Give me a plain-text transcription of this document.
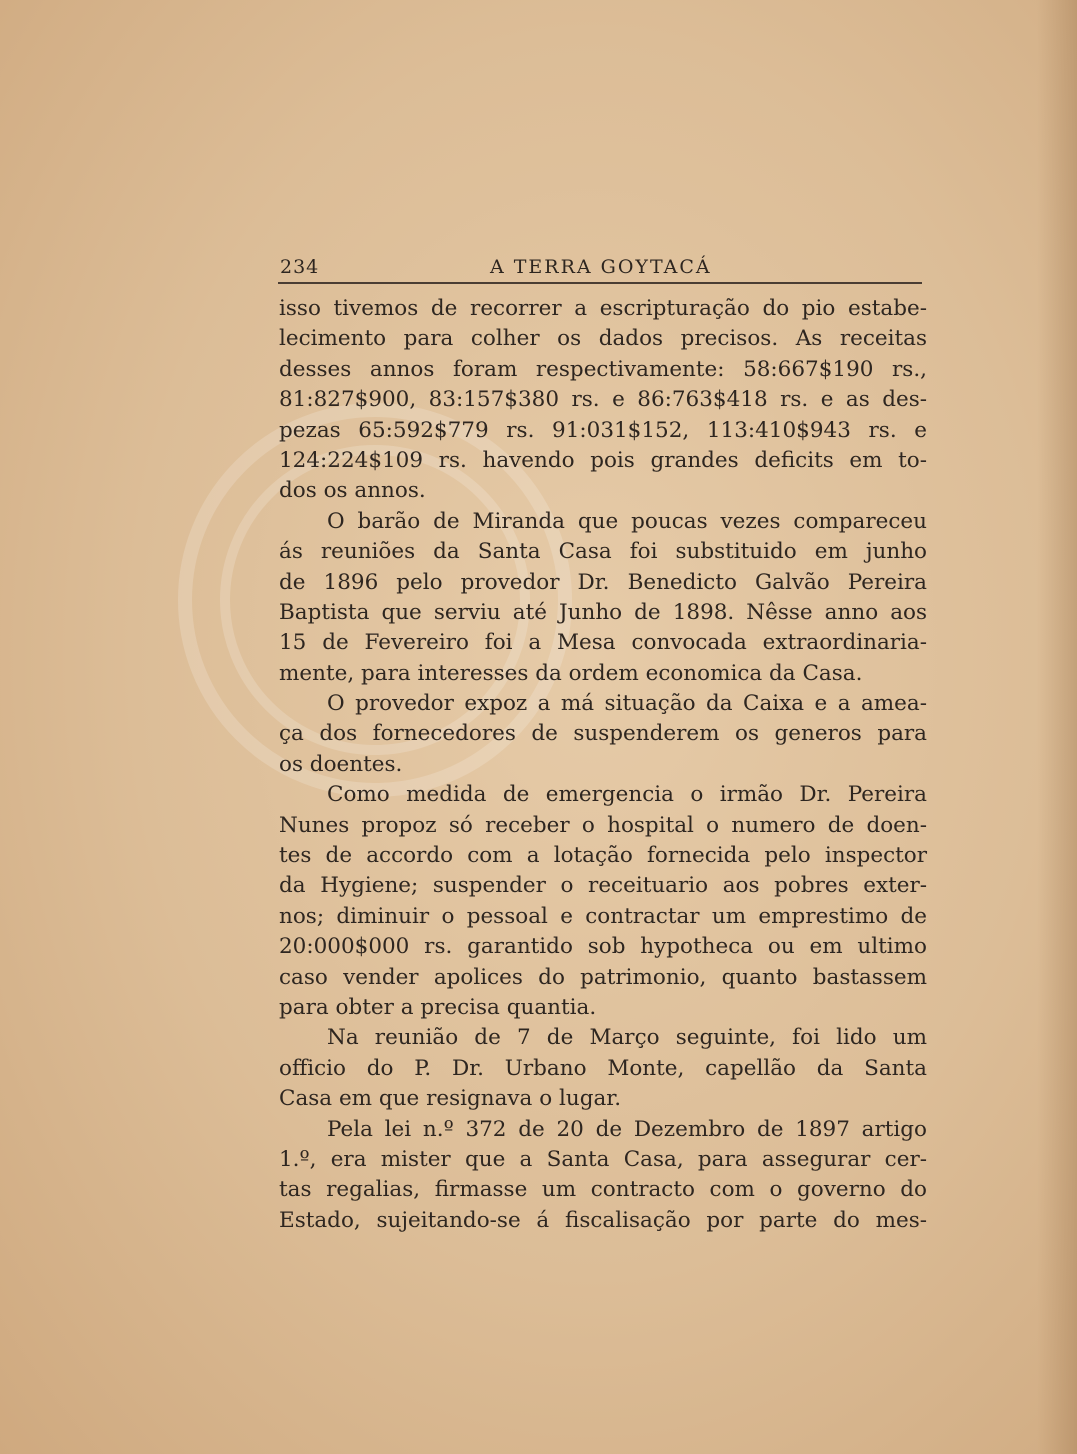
234	A TERRA GOYTACÁ
isso tivemos de recorrer a escripturação do pio estabe-
lecimento para colher os dados precisos. As receitas
desses annos foram respectivamente: 58:667$190 rs.,
81:827$900, 83:157$380 rs. e 86:763$418 rs. e as des-
pezas 65:592$779 rs. 91:031$152, 113:410$943 rs. e
124:224$109 rs. havendo pois grandes deficits em to-
dos os annos.
O barão de Miranda que poucas vezes compareceu
ás reuniões da Santa Casa foi substituido em junho
de 1896 pelo provedor Dr. Benedicto Galvão Pereira
Baptista que serviu até Junho de 1898. Nêsse anno aos
15 de Fevereiro foi a Mesa convocada extraordinaria-
mente, para interesses da ordem economica da Casa.
O provedor expoz a má situação da Caixa e a amea-
ça dos fornecedores de suspenderem os generos para
os doentes.
Como medida de emergencia o irmão Dr. Pereira
Nunes propoz só receber o hospital o numero de doen-
tes de accordo com a lotação fornecida pelo inspector
da Hygiene; suspender o receituario aos pobres exter-
nos; diminuir o pessoal e contractar um emprestimo de
20:000$000 rs. garantido sob hypotheca ou em ultimo
caso vender apolices do patrimonio, quanto bastassem
para obter a precisa quantia.
Na reunião de 7 de Março seguinte, foi lido um
officio do P. Dr. Urbano Monte, capellão da Santa
Casa em que resignava o lugar.
Pela lei n.º 372 de 20 de Dezembro de 1897 artigo
1.º, era mister que a Santa Casa, para assegurar cer-
tas regalias, firmasse um contracto com o governo do
Estado, sujeitando-se á fiscalisação por parte do mes-
